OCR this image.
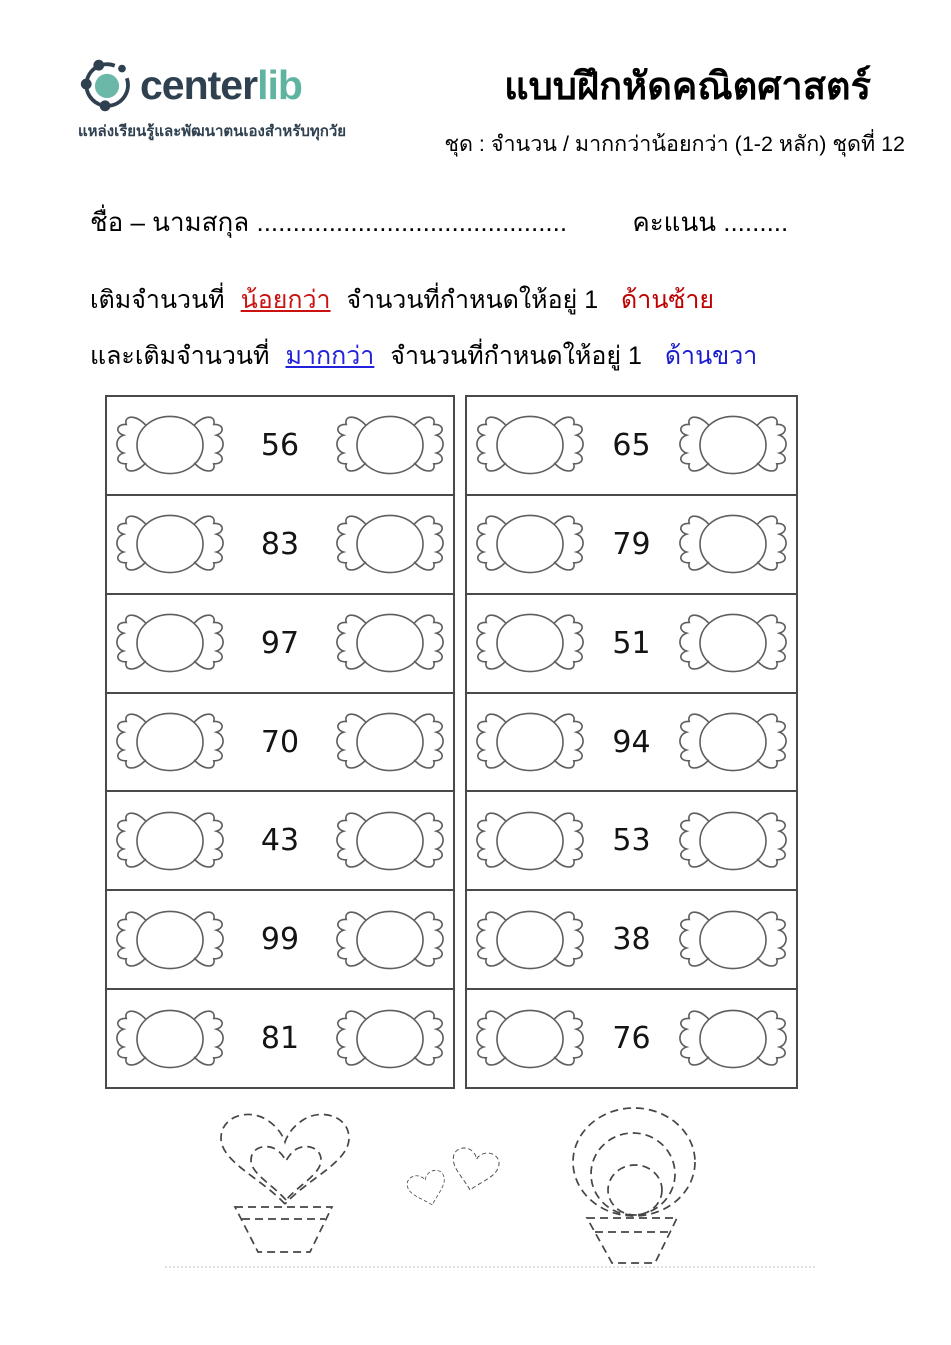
centerlib
แหล่งเรียนรู้และพัฒนาตนเองสำหรับทุกวัย
แบบฝึกหัดคณิตศาสตร์
ชุด : จำนวน / มากกว่าน้อยกว่า (1-2 หลัก) ชุดที่ 12
ชื่อ – นามสกุล ...........................................	คะแนน .........
เติมจำนวนที่ น้อยกว่า จำนวนที่กำหนดให้อยู่ 1 ด้านซ้าย
และเติมจำนวนที่ มากกว่า จำนวนที่กำหนดให้อยู่ 1 ด้านขวา
56
83
97
70
43
99
81
65
79
51
94
53
38
76
